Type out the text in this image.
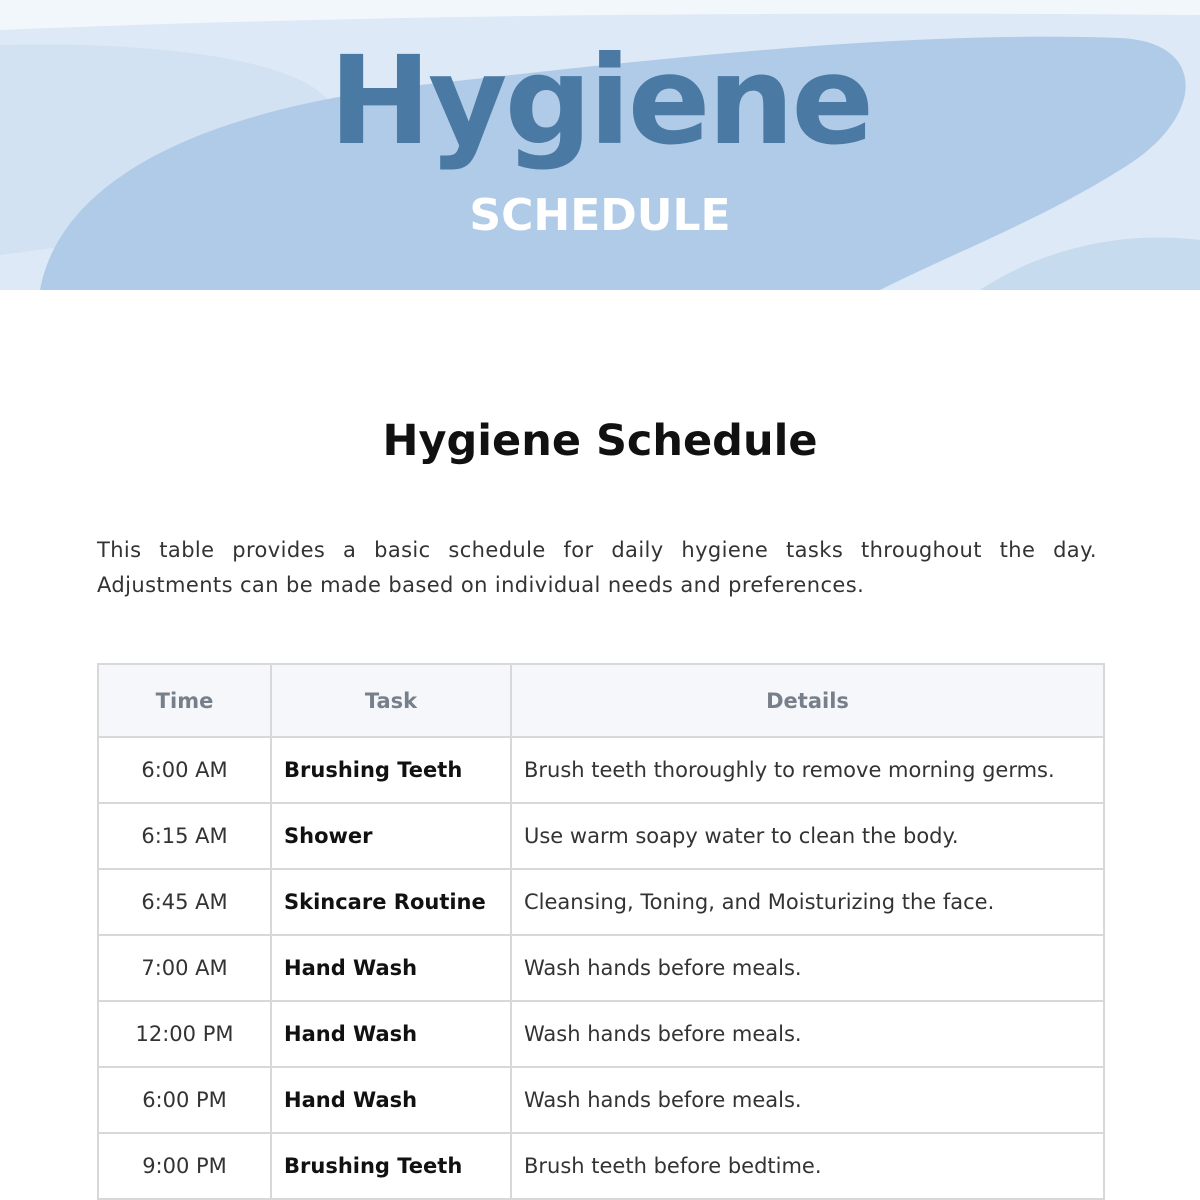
Hygiene
SCHEDULE
Hygiene Schedule

This table provides a basic schedule for daily hygiene tasks throughout the day. Adjustments can be made based on individual needs and preferences.

Time	Task	Details
6:00 AM	Brushing Teeth	Brush teeth thoroughly to remove morning germs.
6:15 AM	Shower	Use warm soapy water to clean the body.
6:45 AM	Skincare Routine	Cleansing, Toning, and Moisturizing the face.
7:00 AM	Hand Wash	Wash hands before meals.
12:00 PM	Hand Wash	Wash hands before meals.
6:00 PM	Hand Wash	Wash hands before meals.
9:00 PM	Brushing Teeth	Brush teeth before bedtime.
